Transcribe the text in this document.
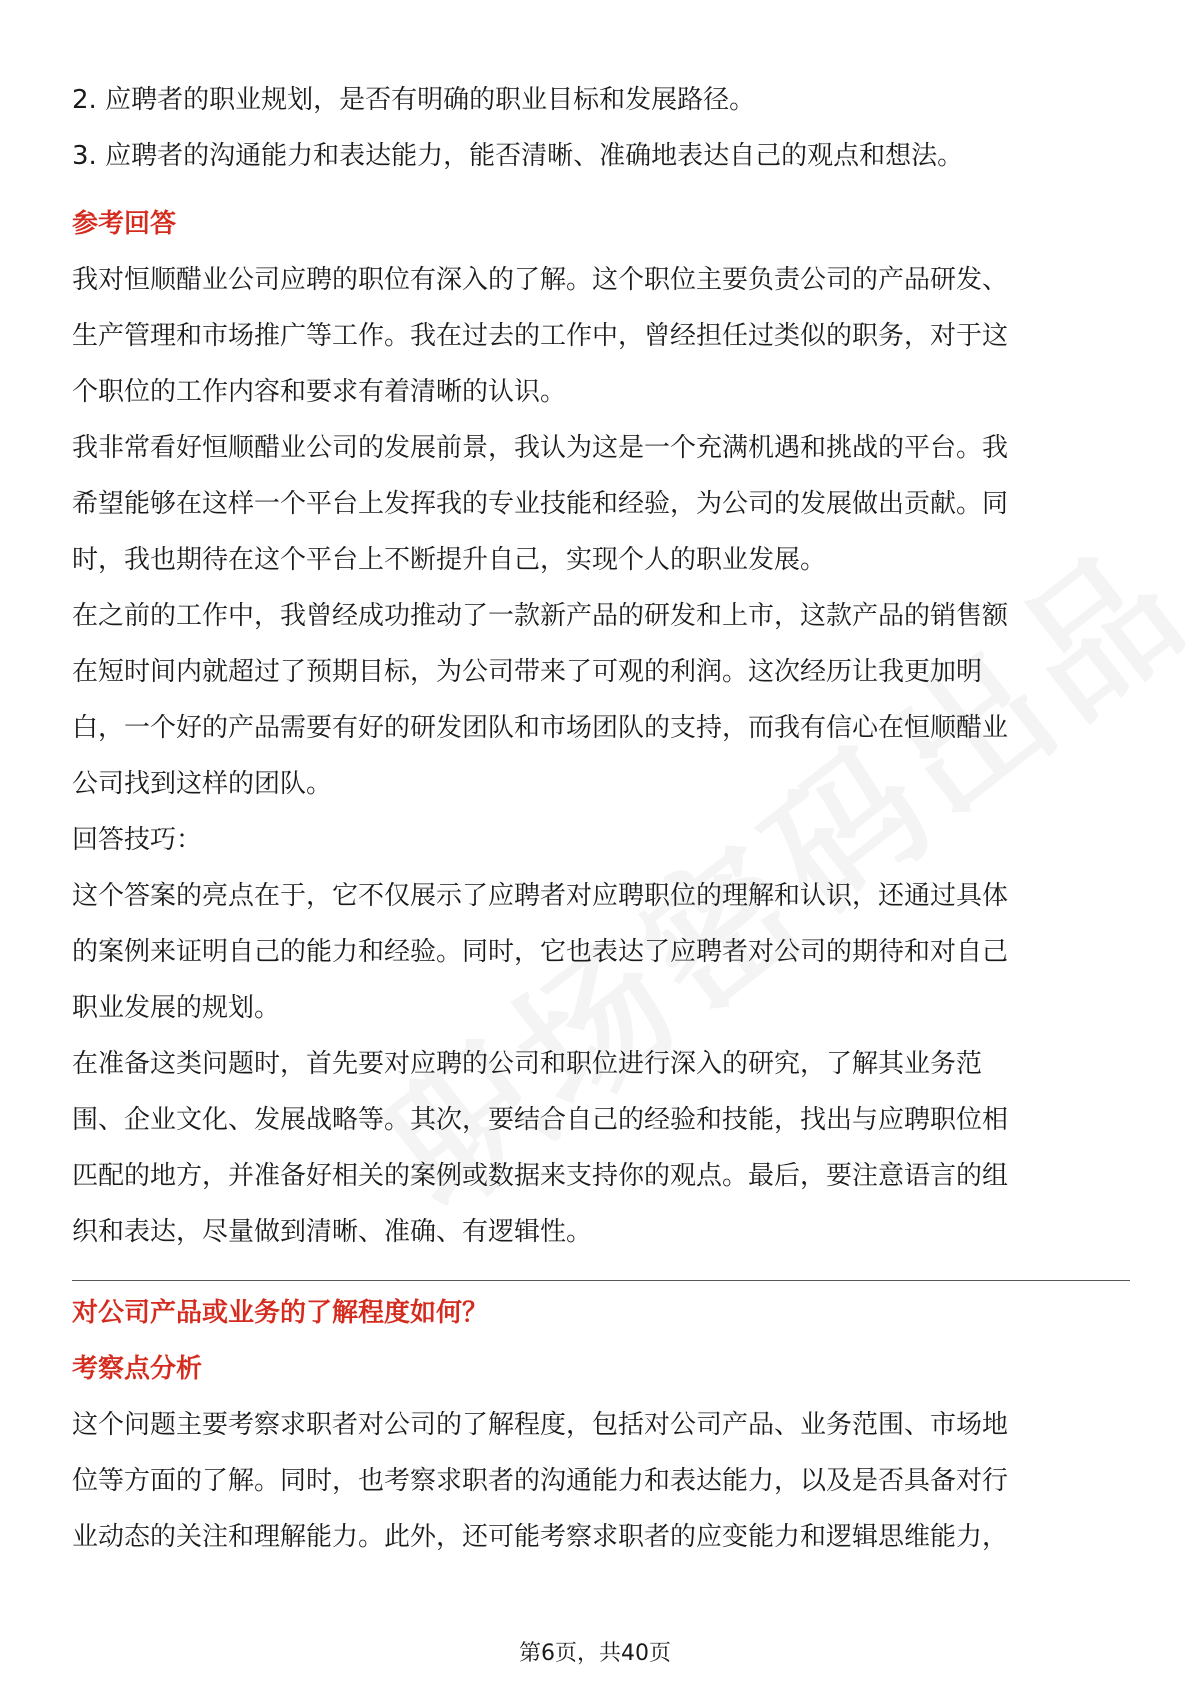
2. 应聘者的职业规划，是否有明确的职业目标和发展路径。
3. 应聘者的沟通能力和表达能力，能否清晰、准确地表达自己的观点和想法。
参考回答
我对恒顺醋业公司应聘的职位有深入的了解。这个职位主要负责公司的产品研发、
生产管理和市场推广等工作。我在过去的工作中，曾经担任过类似的职务，对于这
个职位的工作内容和要求有着清晰的认识。
我非常看好恒顺醋业公司的发展前景，我认为这是一个充满机遇和挑战的平台。我
希望能够在这样一个平台上发挥我的专业技能和经验，为公司的发展做出贡献。同
时，我也期待在这个平台上不断提升自己，实现个人的职业发展。
在之前的工作中，我曾经成功推动了一款新产品的研发和上市，这款产品的销售额
在短时间内就超过了预期目标，为公司带来了可观的利润。这次经历让我更加明
白，一个好的产品需要有好的研发团队和市场团队的支持，而我有信心在恒顺醋业
公司找到这样的团队。
回答技巧：
这个答案的亮点在于，它不仅展示了应聘者对应聘职位的理解和认识，还通过具体
的案例来证明自己的能力和经验。同时，它也表达了应聘者对公司的期待和对自己
职业发展的规划。
在准备这类问题时，首先要对应聘的公司和职位进行深入的研究，了解其业务范
围、企业文化、发展战略等。其次，要结合自己的经验和技能，找出与应聘职位相
匹配的地方，并准备好相关的案例或数据来支持你的观点。最后，要注意语言的组
织和表达，尽量做到清晰、准确、有逻辑性。
对公司产品或业务的了解程度如何？
考察点分析
这个问题主要考察求职者对公司的了解程度，包括对公司产品、业务范围、市场地
位等方面的了解。同时，也考察求职者的沟通能力和表达能力，以及是否具备对行
业动态的关注和理解能力。此外，还可能考察求职者的应变能力和逻辑思维能力，
第6页，共40页
